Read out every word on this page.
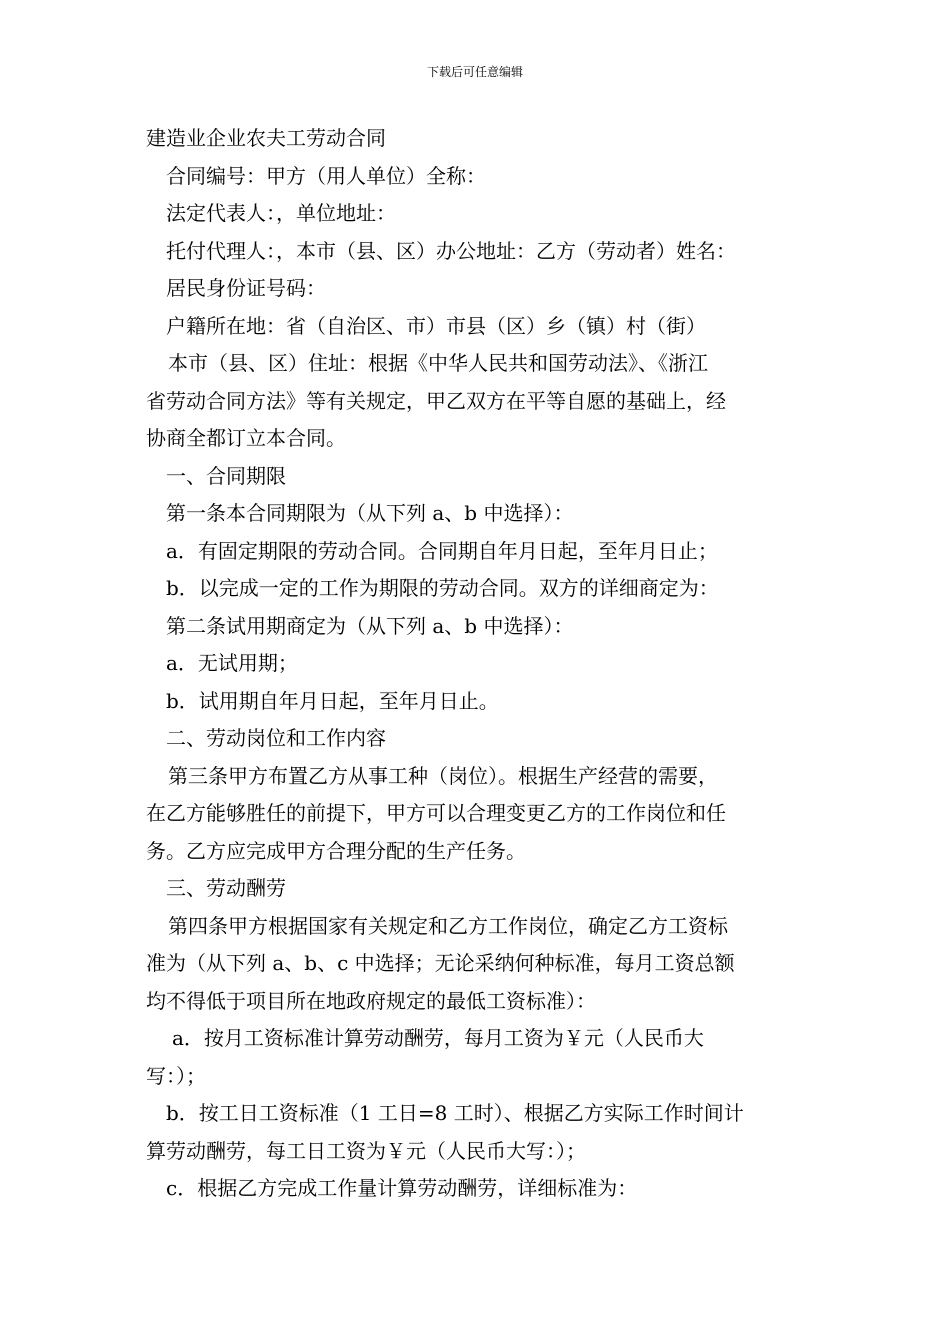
下载后可任意编辑

建造业企业农夫工劳动合同

合同编号：甲方（用人单位）全称：

法定代表人：，单位地址：

托付代理人：，本市（县、区）办公地址：乙方（劳动者）姓名：

居民身份证号码：

户籍所在地：省（自治区、市）市县（区）乡（镇）村（街）

本市（县、区）住址：根据《中华人民共和国劳动法》、《浙江

省劳动合同方法》等有关规定，甲乙双方在平等自愿的基础上，经

协商全都订立本合同。

一、合同期限

第一条本合同期限为（从下列 a、b 中选择）：

a．有固定期限的劳动合同。合同期自年月日起，至年月日止；

b．以完成一定的工作为期限的劳动合同。双方的详细商定为：

第二条试用期商定为（从下列 a、b 中选择）：

a．无试用期；

b．试用期自年月日起，至年月日止。

二、劳动岗位和工作内容

第三条甲方布置乙方从事工种（岗位）。根据生产经营的需要，

在乙方能够胜任的前提下，甲方可以合理变更乙方的工作岗位和任

务。乙方应完成甲方合理分配的生产任务。

三、劳动酬劳

第四条甲方根据国家有关规定和乙方工作岗位，确定乙方工资标

准为（从下列 a、b、c 中选择；无论采纳何种标准，每月工资总额

均不得低于项目所在地政府规定的最低工资标准）：

a．按月工资标准计算劳动酬劳，每月工资为￥元（人民币大

写：）；

b．按工日工资标准（1 工日=8 工时）、根据乙方实际工作时间计

算劳动酬劳，每工日工资为￥元（人民币大写：）；

c．根据乙方完成工作量计算劳动酬劳，详细标准为：
